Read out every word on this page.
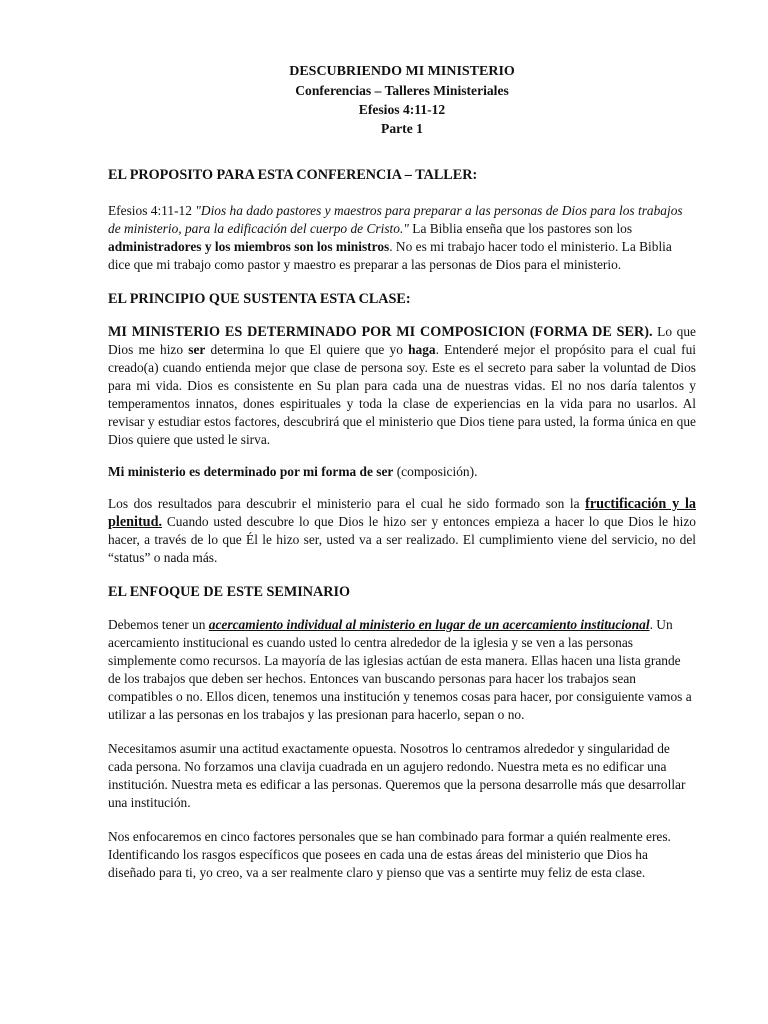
DESCUBRIENDO MI MINISTERIO
Conferencias – Talleres Ministeriales
Efesios 4:11-12
Parte 1
EL PROPOSITO PARA ESTA CONFERENCIA – TALLER:

Efesios 4:11-12 "Dios ha dado pastores y maestros para preparar a las personas de Dios para los trabajos de ministerio, para la edificación del cuerpo de Cristo." La Biblia enseña que los pastores son los administradores y los miembros son los ministros. No es mi trabajo hacer todo el ministerio. La Biblia dice que mi trabajo como pastor y maestro es preparar a las personas de Dios para el ministerio.

EL PRINCIPIO QUE SUSTENTA ESTA CLASE:

MI MINISTERIO ES DETERMINADO POR MI COMPOSICION (FORMA DE SER). Lo que Dios me hizo ser determina lo que El quiere que yo haga. Entenderé mejor el propósito para el cual fui creado(a) cuando entienda mejor que clase de persona soy. Este es el secreto para saber la voluntad de Dios para mi vida. Dios es consistente en Su plan para cada una de nuestras vidas. El no nos daría talentos y temperamentos innatos, dones espirituales y toda la clase de experiencias en la vida para no usarlos. Al revisar y estudiar estos factores, descubrirá que el ministerio que Dios tiene para usted, la forma única en que Dios quiere que usted le sirva.

Mi ministerio es determinado por mi forma de ser (composición).

Los dos resultados para descubrir el ministerio para el cual he sido formado son la fructificación y la plenitud. Cuando usted descubre lo que Dios le hizo ser y entonces empieza a hacer lo que Dios le hizo hacer, a través de lo que Él le hizo ser, usted va a ser realizado. El cumplimiento viene del servicio, no del “status” o nada más.

EL ENFOQUE DE ESTE SEMINARIO

Debemos tener un acercamiento individual al ministerio en lugar de un acercamiento institucional. Un acercamiento institucional es cuando usted lo centra alrededor de la iglesia y se ven a las personas simplemente como recursos. La mayoría de las iglesias actúan de esta manera. Ellas hacen una lista grande de los trabajos que deben ser hechos. Entonces van buscando personas para hacer los trabajos sean compatibles o no. Ellos dicen, tenemos una institución y tenemos cosas para hacer, por consiguiente vamos a utilizar a las personas en los trabajos y las presionan para hacerlo, sepan o no.

Necesitamos asumir una actitud exactamente opuesta. Nosotros lo centramos alrededor y singularidad de cada persona. No forzamos una clavija cuadrada en un agujero redondo. Nuestra meta es no edificar una institución. Nuestra meta es edificar a las personas. Queremos que la persona desarrolle más que desarrollar una institución.

Nos enfocaremos en cinco factores personales que se han combinado para formar a quién realmente eres. Identificando los rasgos específicos que posees en cada una de estas áreas del ministerio que Dios ha diseñado para ti, yo creo, va a ser realmente claro y pienso que vas a sentirte muy feliz de esta clase.
